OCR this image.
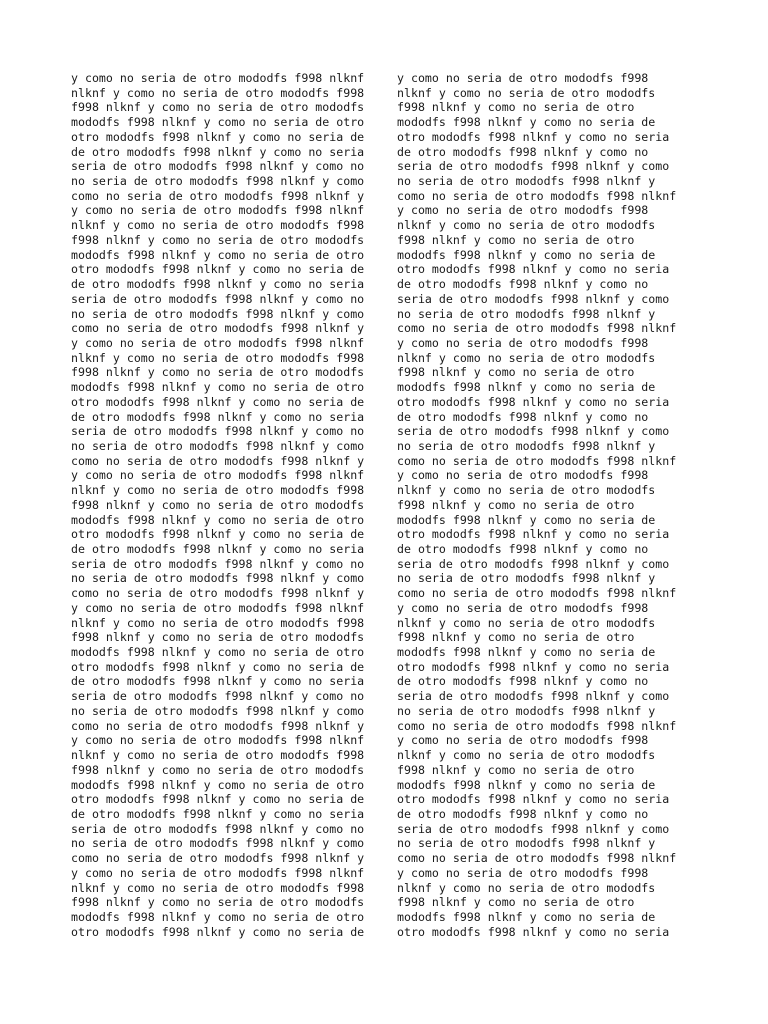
y como no seria de otro mododfs f998 nlknf
nlknf y como no seria de otro mododfs f998
f998 nlknf y como no seria de otro mododfs
mododfs f998 nlknf y como no seria de otro
otro mododfs f998 nlknf y como no seria de
de otro mododfs f998 nlknf y como no seria
seria de otro mododfs f998 nlknf y como no
no seria de otro mododfs f998 nlknf y como
como no seria de otro mododfs f998 nlknf y
y como no seria de otro mododfs f998 nlknf
nlknf y como no seria de otro mododfs f998
f998 nlknf y como no seria de otro mododfs
mododfs f998 nlknf y como no seria de otro
otro mododfs f998 nlknf y como no seria de
de otro mododfs f998 nlknf y como no seria
seria de otro mododfs f998 nlknf y como no
no seria de otro mododfs f998 nlknf y como
como no seria de otro mododfs f998 nlknf y
y como no seria de otro mododfs f998 nlknf
nlknf y como no seria de otro mododfs f998
f998 nlknf y como no seria de otro mododfs
mododfs f998 nlknf y como no seria de otro
otro mododfs f998 nlknf y como no seria de
de otro mododfs f998 nlknf y como no seria
seria de otro mododfs f998 nlknf y como no
no seria de otro mododfs f998 nlknf y como
como no seria de otro mododfs f998 nlknf y
y como no seria de otro mododfs f998 nlknf
nlknf y como no seria de otro mododfs f998
f998 nlknf y como no seria de otro mododfs
mododfs f998 nlknf y como no seria de otro
otro mododfs f998 nlknf y como no seria de
de otro mododfs f998 nlknf y como no seria
seria de otro mododfs f998 nlknf y como no
no seria de otro mododfs f998 nlknf y como
como no seria de otro mododfs f998 nlknf y
y como no seria de otro mododfs f998 nlknf
nlknf y como no seria de otro mododfs f998
f998 nlknf y como no seria de otro mododfs
mododfs f998 nlknf y como no seria de otro
otro mododfs f998 nlknf y como no seria de
de otro mododfs f998 nlknf y como no seria
seria de otro mododfs f998 nlknf y como no
no seria de otro mododfs f998 nlknf y como
como no seria de otro mododfs f998 nlknf y
y como no seria de otro mododfs f998 nlknf
nlknf y como no seria de otro mododfs f998
f998 nlknf y como no seria de otro mododfs
mododfs f998 nlknf y como no seria de otro
otro mododfs f998 nlknf y como no seria de
de otro mododfs f998 nlknf y como no seria
seria de otro mododfs f998 nlknf y como no
no seria de otro mododfs f998 nlknf y como
como no seria de otro mododfs f998 nlknf y
y como no seria de otro mododfs f998 nlknf
nlknf y como no seria de otro mododfs f998
f998 nlknf y como no seria de otro mododfs
mododfs f998 nlknf y como no seria de otro
otro mododfs f998 nlknf y como no seria de
y como no seria de otro mododfs f998
nlknf y como no seria de otro mododfs
f998 nlknf y como no seria de otro
mododfs f998 nlknf y como no seria de
otro mododfs f998 nlknf y como no seria
de otro mododfs f998 nlknf y como no
seria de otro mododfs f998 nlknf y como
no seria de otro mododfs f998 nlknf y
como no seria de otro mododfs f998 nlknf
y como no seria de otro mododfs f998
nlknf y como no seria de otro mododfs
f998 nlknf y como no seria de otro
mododfs f998 nlknf y como no seria de
otro mododfs f998 nlknf y como no seria
de otro mododfs f998 nlknf y como no
seria de otro mododfs f998 nlknf y como
no seria de otro mododfs f998 nlknf y
como no seria de otro mododfs f998 nlknf
y como no seria de otro mododfs f998
nlknf y como no seria de otro mododfs
f998 nlknf y como no seria de otro
mododfs f998 nlknf y como no seria de
otro mododfs f998 nlknf y como no seria
de otro mododfs f998 nlknf y como no
seria de otro mododfs f998 nlknf y como
no seria de otro mododfs f998 nlknf y
como no seria de otro mododfs f998 nlknf
y como no seria de otro mododfs f998
nlknf y como no seria de otro mododfs
f998 nlknf y como no seria de otro
mododfs f998 nlknf y como no seria de
otro mododfs f998 nlknf y como no seria
de otro mododfs f998 nlknf y como no
seria de otro mododfs f998 nlknf y como
no seria de otro mododfs f998 nlknf y
como no seria de otro mododfs f998 nlknf
y como no seria de otro mododfs f998
nlknf y como no seria de otro mododfs
f998 nlknf y como no seria de otro
mododfs f998 nlknf y como no seria de
otro mododfs f998 nlknf y como no seria
de otro mododfs f998 nlknf y como no
seria de otro mododfs f998 nlknf y como
no seria de otro mododfs f998 nlknf y
como no seria de otro mododfs f998 nlknf
y como no seria de otro mododfs f998
nlknf y como no seria de otro mododfs
f998 nlknf y como no seria de otro
mododfs f998 nlknf y como no seria de
otro mododfs f998 nlknf y como no seria
de otro mododfs f998 nlknf y como no
seria de otro mododfs f998 nlknf y como
no seria de otro mododfs f998 nlknf y
como no seria de otro mododfs f998 nlknf
y como no seria de otro mododfs f998
nlknf y como no seria de otro mododfs
f998 nlknf y como no seria de otro
mododfs f998 nlknf y como no seria de
otro mododfs f998 nlknf y como no seria
